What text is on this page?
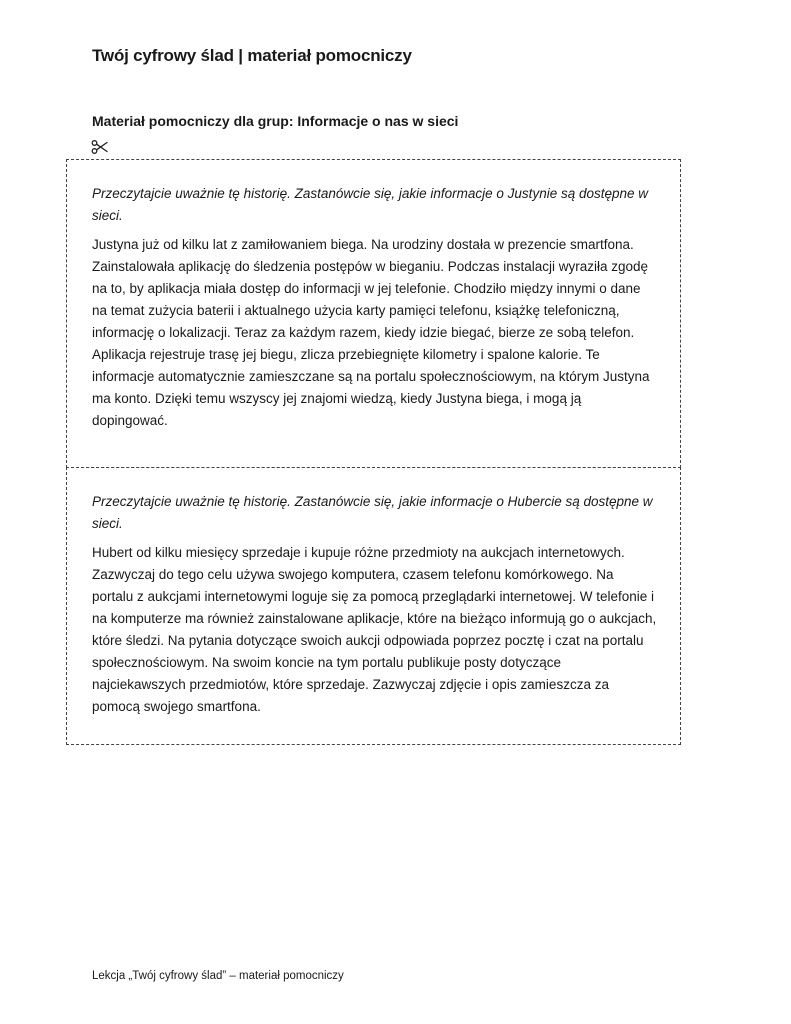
Twój cyfrowy ślad | materiał pomocniczy
Materiał pomocniczy dla grup: Informacje o nas w sieci

Przeczytajcie uważnie tę historię. Zastanówcie się, jakie informacje o Justynie są dostępne w sieci.

Justyna już od kilku lat z zamiłowaniem biega. Na urodziny dostała w prezencie smartfona. Zainstalowała aplikację do śledzenia postępów w bieganiu. Podczas instalacji wyraziła zgodę na to, by aplikacja miała dostęp do informacji w jej telefonie. Chodziło między innymi o dane na temat zużycia baterii i aktualnego użycia karty pamięci telefonu, książkę telefoniczną, informację o lokalizacji. Teraz za każdym razem, kiedy idzie biegać, bierze ze sobą telefon. Aplikacja rejestruje trasę jej biegu, zlicza przebiegnięte kilometry i spalone kalorie. Te informacje automatycznie zamieszczane są na portalu społecznościowym, na którym Justyna ma konto. Dzięki temu wszyscy jej znajomi wiedzą, kiedy Justyna biega, i mogą ją dopingować.

Przeczytajcie uważnie tę historię. Zastanówcie się, jakie informacje o Hubercie są dostępne w sieci.

Hubert od kilku miesięcy sprzedaje i kupuje różne przedmioty na aukcjach internetowych. Zazwyczaj do tego celu używa swojego komputera, czasem telefonu komórkowego. Na portalu z aukcjami internetowymi loguje się za pomocą przeglądarki internetowej. W telefonie i na komputerze ma również zainstalowane aplikacje, które na bieżąco informują go o aukcjach, które śledzi. Na pytania dotyczące swoich aukcji odpowiada poprzez pocztę i czat na portalu społecznościowym. Na swoim koncie na tym portalu publikuje posty dotyczące najciekawszych przedmiotów, które sprzedaje. Zazwyczaj zdjęcie i opis zamieszcza za pomocą swojego smartfona.

Lekcja „Twój cyfrowy ślad” – materiał pomocniczy
